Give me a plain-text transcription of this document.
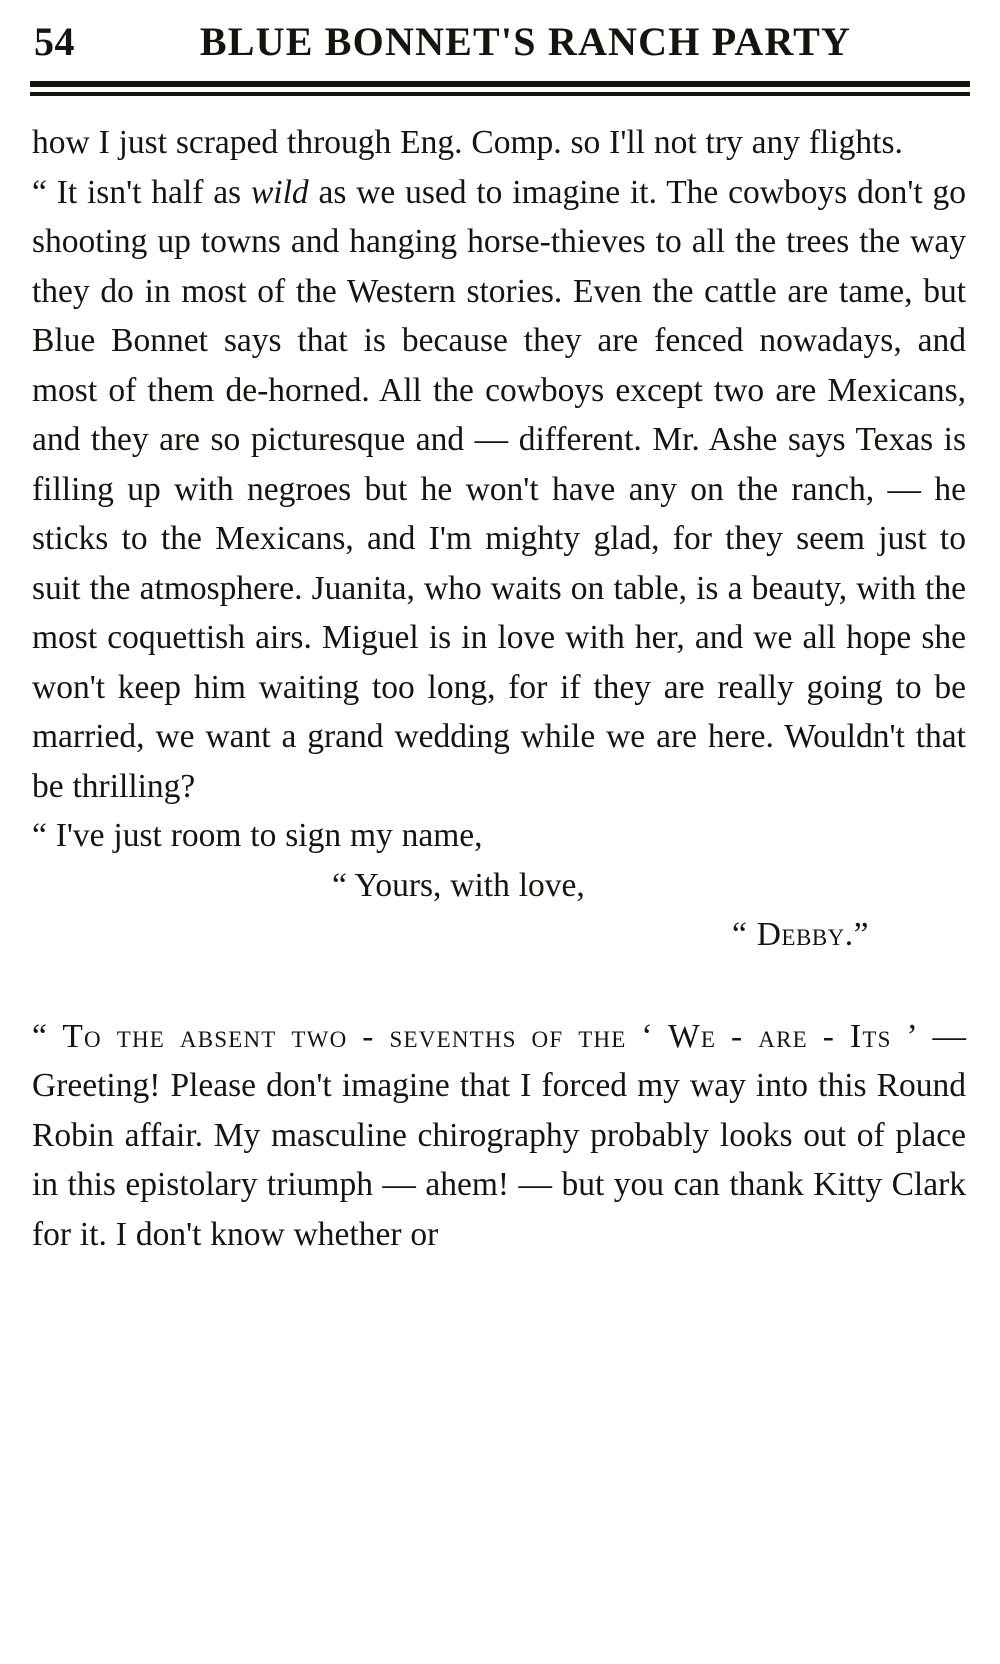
54	BLUE BONNET'S RANCH PARTY

how I just scraped through Eng. Comp. so I'll not try any flights.

“ It isn't half as wild as we used to imagine it. The cowboys don't go shooting up towns and hanging horse-thieves to all the trees the way they do in most of the Western stories. Even the cattle are tame, but Blue Bonnet says that is because they are fenced nowadays, and most of them de-horned. All the cowboys except two are Mexicans, and they are so picturesque and — different. Mr. Ashe says Texas is filling up with negroes but he won't have any on the ranch, — he sticks to the Mexicans, and I'm mighty glad, for they seem just to suit the atmosphere. Juanita, who waits on table, is a beauty, with the most coquettish airs. Miguel is in love with her, and we all hope she won't keep him waiting too long, for if they are really going to be married, we want a grand wedding while we are here. Wouldn't that be thrilling?

“ I've just room to sign my name,

“ Yours, with love,

“ Debby.”

“ To the absent two - sevenths of the ‘ We - are - Its ’ — Greeting! Please don't imagine that I forced my way into this Round Robin affair. My masculine chirography probably looks out of place in this epistolary triumph — ahem! — but you can thank Kitty Clark for it. I don't know whether or
